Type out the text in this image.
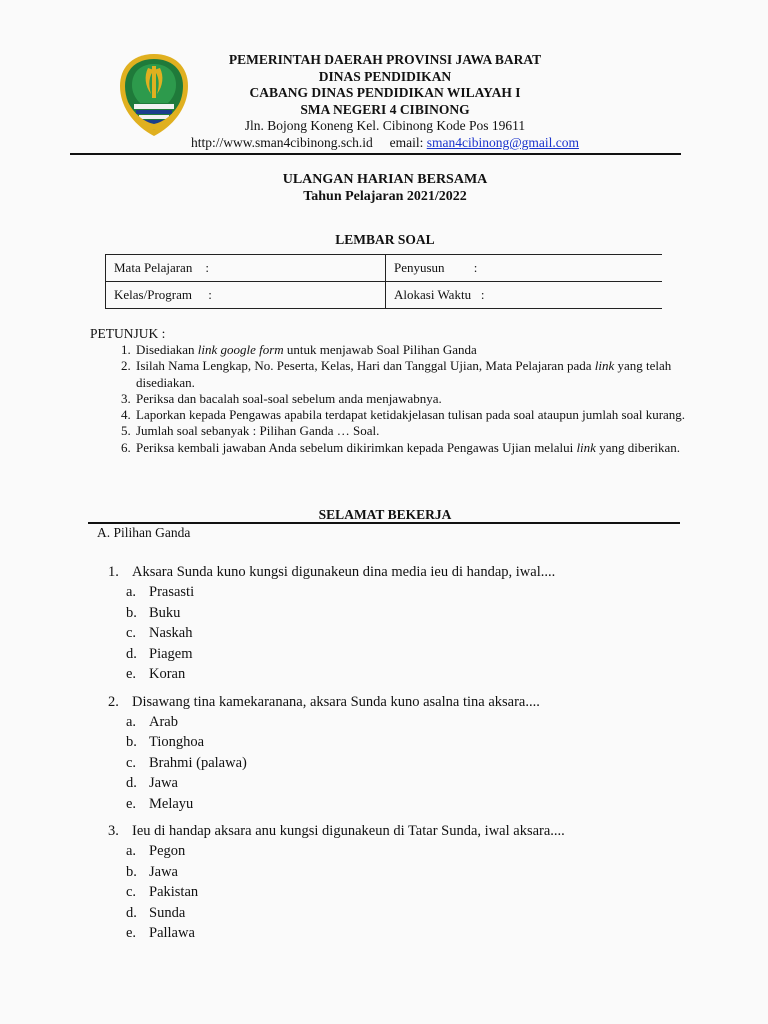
PEMERINTAH DAERAH PROVINSI JAWA BARAT
DINAS PENDIDIKAN
CABANG DINAS PENDIDIKAN WILAYAH I
SMA NEGERI 4 CIBINONG
Jln. Bojong Koneng Kel. Cibinong Kode Pos 19611
http://www.sman4cibinong.sch.id email: sman4cibinong@gmail.com
ULANGAN HARIAN BERSAMA
Tahun Pelajaran 2021/2022
LEMBAR SOAL
Mata Pelajaran    :	Penyusun         :
Kelas/Program     :	Alokasi Waktu   :
PETUNJUK :
1. Disediakan link google form untuk menjawab Soal Pilihan Ganda
2. Isilah Nama Lengkap, No. Peserta, Kelas, Hari dan Tanggal Ujian, Mata Pelajaran pada link yang telah disediakan.
3. Periksa dan bacalah soal-soal sebelum anda menjawabnya.
4. Laporkan kepada Pengawas apabila terdapat ketidakjelasan tulisan pada soal ataupun jumlah soal kurang.
5. Jumlah soal sebanyak : Pilihan Ganda … Soal.
6. Periksa kembali jawaban Anda sebelum dikirimkan kepada Pengawas Ujian melalui link yang diberikan.
SELAMAT BEKERJA
A. Pilihan Ganda
1. Aksara Sunda kuno kungsi digunakeun dina media ieu di handap, iwal....
a. Prasasti
b. Buku
c. Naskah
d. Piagem
e. Koran
2. Disawang tina kamekaranana, aksara Sunda kuno asalna tina aksara....
a. Arab
b. Tionghoa
c. Brahmi (palawa)
d. Jawa
e. Melayu
3. Ieu di handap aksara anu kungsi digunakeun di Tatar Sunda, iwal aksara....
a. Pegon
b. Jawa
c. Pakistan
d. Sunda
e. Pallawa
